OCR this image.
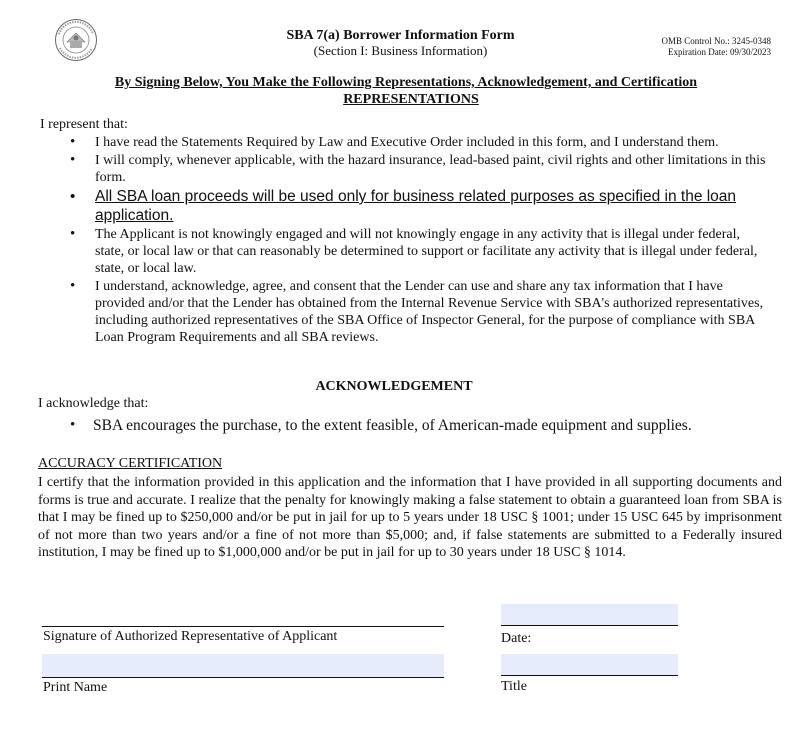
SBA 7(a) Borrower Information Form
(Section I: Business Information)
OMB Control No.: 3245-0348
Expiration Date: 09/30/2023
By Signing Below, You Make the Following Representations, Acknowledgement, and Certification
REPRESENTATIONS
I represent that:
• I have read the Statements Required by Law and Executive Order included in this form, and I understand them.
• I will comply, whenever applicable, with the hazard insurance, lead-based paint, civil rights and other limitations in this form.
• All SBA loan proceeds will be used only for business related purposes as specified in the loan application.
• The Applicant is not knowingly engaged and will not knowingly engage in any activity that is illegal under federal, state, or local law or that can reasonably be determined to support or facilitate any activity that is illegal under federal, state, or local law.
• I understand, acknowledge, agree, and consent that the Lender can use and share any tax information that I have provided and/or that the Lender has obtained from the Internal Revenue Service with SBA's authorized representatives, including authorized representatives of the SBA Office of Inspector General, for the purpose of compliance with SBA Loan Program Requirements and all SBA reviews.
ACKNOWLEDGEMENT
I acknowledge that:
• SBA encourages the purchase, to the extent feasible, of American-made equipment and supplies.
ACCURACY CERTIFICATION
I certify that the information provided in this application and the information that I have provided in all supporting documents and forms is true and accurate. I realize that the penalty for knowingly making a false statement to obtain a guaranteed loan from SBA is that I may be fined up to $250,000 and/or be put in jail for up to 5 years under 18 USC § 1001; under 15 USC 645 by imprisonment of not more than two years and/or a fine of not more than $5,000; and, if false statements are submitted to a Federally insured institution, I may be fined up to $1,000,000 and/or be put in jail for up to 30 years under 18 USC § 1014.
Signature of Authorized Representative of Applicant	Date:
Print Name	Title
